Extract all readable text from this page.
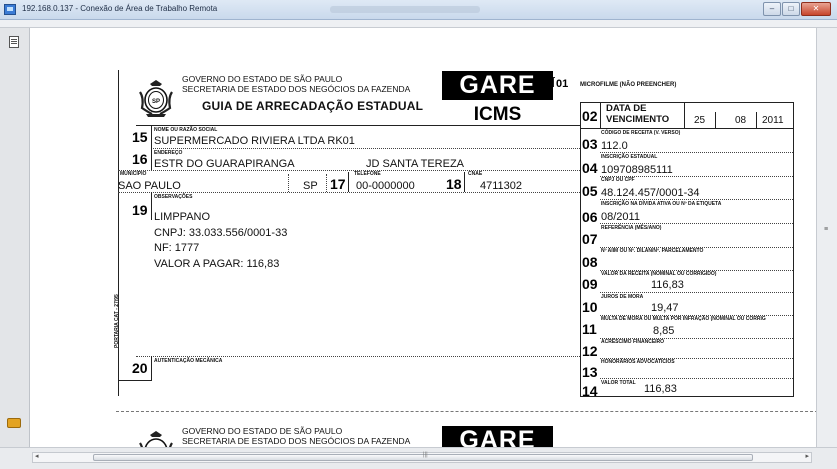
192.168.0.137 - Conexão de Área de Trabalho Remota	–	□	✕
SP
GOVERNO DO ESTADO DE SÃO PAULO
SECRETARIA DE ESTADO DOS NEGÓCIOS DA FAZENDA
GUIA DE ARRECADAÇÃO ESTADUAL
GARE
ICMS
01 MICROFILME (NÃO PREENCHER)
02 DATA DE
VENCIMENTO 25	08 2011
03
CÓDIGO DE RECEITA (V. VERSO)
112.0
04
INSCRIÇÃO ESTADUAL
109708985111
05
CNPJ OU CPF
48.124.457/0001-34
06
INSCRIÇÃO NA DÍVIDA ATIVA OU Nº DA ETIQUETA
08/2011
07
REFERÊNCIA (MÊS/ANO)
08
Nº AIIM OU Nº. DILAN/Nº. PARCELAMENTO
09
VALOR DA RECEITA (NOMINAL OU CORRIGIDO)
116,83
10
JUROS DE MORA
19,47
11
MULTA DE MORA OU MULTA POR INFRAÇÃO (NOMINAL OU CORRIG
8,85
12
ACRÉSCIMO FINANCEIRO
13
HONORÁRIOS ADVOCATÍCIOS
14 VALOR TOTAL 116,83
15 NOME OU RAZÃO SOCIAL
SUPERMERCADO RIVIERA LTDA RK01
16 ENDEREÇO
ESTR DO GUARAPIRANGA	JD SANTA TEREZA
MUNICÍPIO
SAO PAULO	SP 17
TELEFONE
00-0000000 18
CNAE
4711302
19
OBSERVAÇÕES
LIMPPANO
CNPJ: 33.033.556/0001-33
NF: 1777
VALOR A PAGAR: 116,83
20 AUTENTICAÇÃO MECÂNICA
PORTARIA CAT - 27/95
GOVERNO DO ESTADO DE SÃO PAULO
SECRETARIA DE ESTADO DOS NEGÓCIOS DA FAZENDA	GARE
≡
◂	|||	▸
